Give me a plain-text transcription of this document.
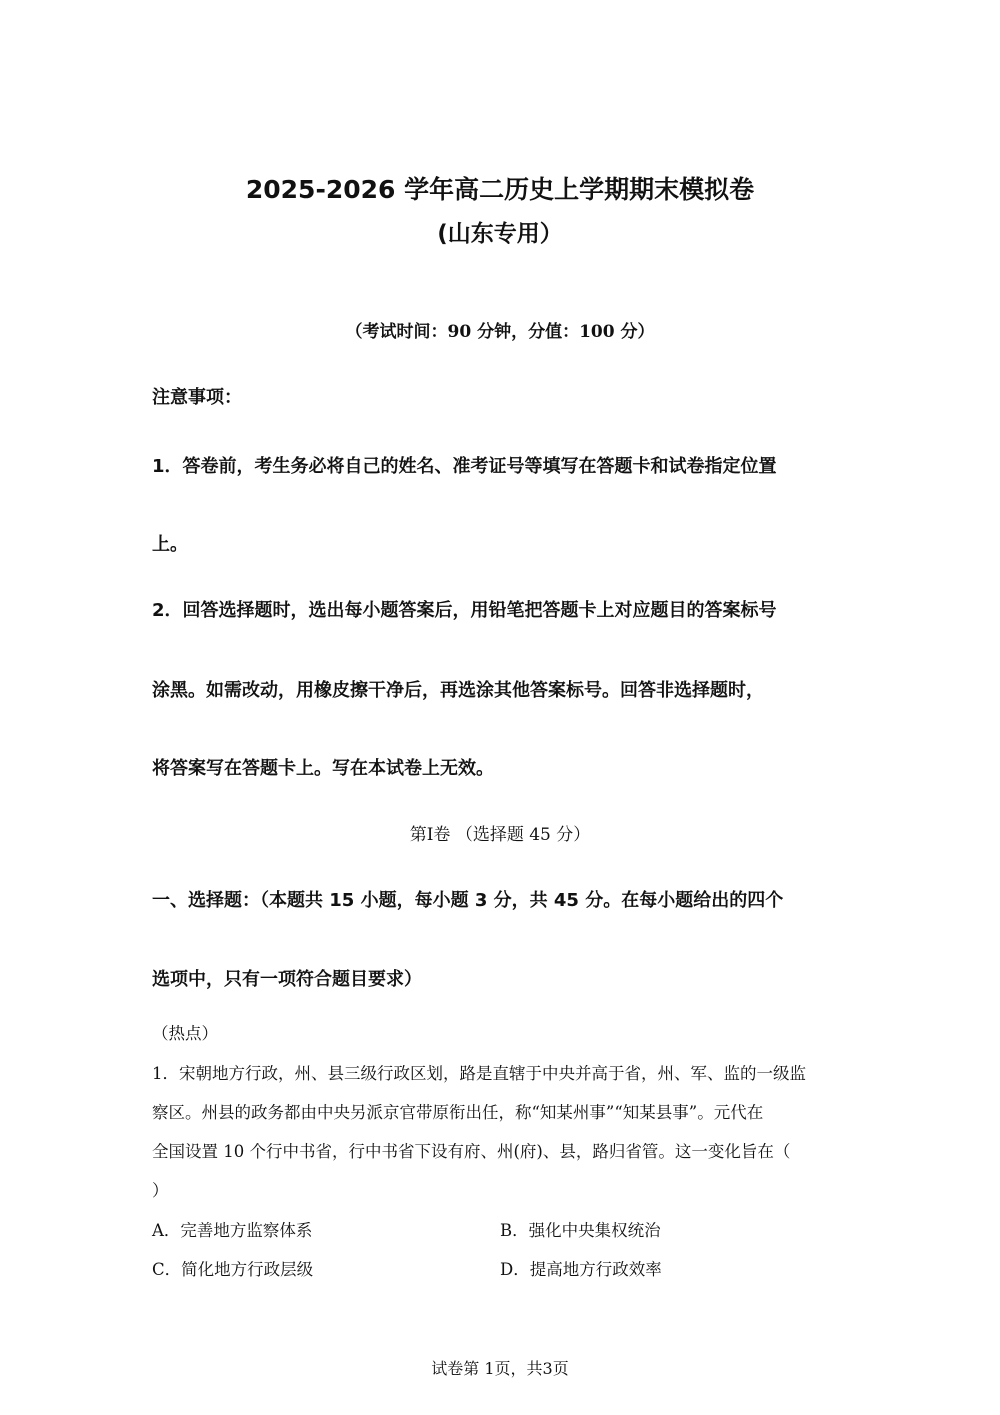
2025-2026 学年高二历史上学期期末模拟卷
(山东专用）
（考试时间：90 分钟，分值：100 分）
注意事项：
1．答卷前，考生务必将自己的姓名、准考证号等填写在答题卡和试卷指定位置
上。
2．回答选择题时，选出每小题答案后，用铅笔把答题卡上对应题目的答案标号
涂黑。如需改动，用橡皮擦干净后，再选涂其他答案标号。回答非选择题时，
将答案写在答题卡上。写在本试卷上无效。
第Ⅰ卷 （选择题 45 分）
一、选择题：（本题共 15 小题，每小题 3 分，共 45 分。在每小题给出的四个
选项中，只有一项符合题目要求）
（热点）
1．宋朝地方行政，州、县三级行政区划，路是直辖于中央并高于省，州、军、监的一级监
察区。州县的政务都由中央另派京官带原衔出任，称“知某州事”“知某县事”。元代在
全国设置 10 个行中书省，行中书省下设有府、州(府)、县，路归省管。这一变化旨在（
）
A．完善地方监察体系	B．强化中央集权统治
C．简化地方行政层级	D．提高地方行政效率
试卷第 1页，共3页
